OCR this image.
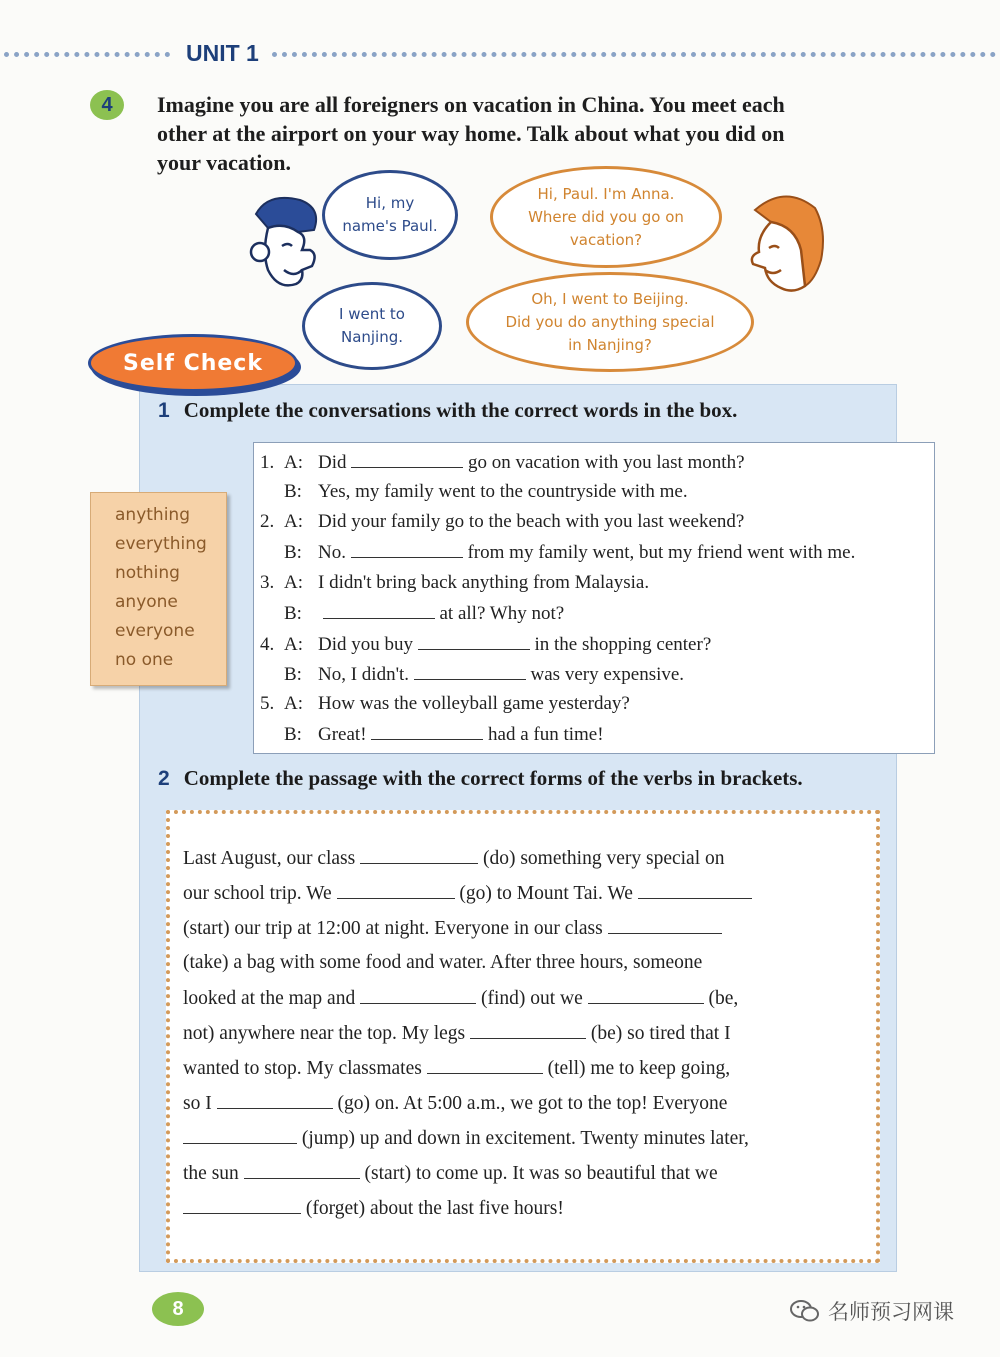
UNIT 1
4	Imagine you are all foreigners on vacation in China. You meet each
other at the airport on your way home. Talk about what you did on
your vacation.
Hi, my
name's Paul.
Hi, Paul. I'm Anna.
Where did you go on
vacation?
I went to
Nanjing.
Oh, I went to Beijing.
Did you do anything special
in Nanjing?
Self Check
1 Complete the conversations with the correct words in the box.
anything
everything
nothing
anyone
everyone
no one
1. A: Did	go on vacation with you last month?
B: Yes, my family went to the countryside with me.
2. A: Did your family go to the beach with you last weekend?
B: No.	from my family went, but my friend went with me.
3. A: I didn't bring back anything from Malaysia.
B:	at all? Why not?
4. A: Did you buy	in the shopping center?
B: No, I didn't.	was very expensive.
5. A: How was the volleyball game yesterday?
B: Great!	had a fun time!
2 Complete the passage with the correct forms of the verbs in brackets.
Last August, our class	(do) something very special on
our school trip. We	(go) to Mount Tai. We
(start) our trip at 12:00 at night. Everyone in our class
(take) a bag with some food and water. After three hours, someone
looked at the map and	(find) out we	(be,
not) anywhere near the top. My legs	(be) so tired that I
wanted to stop. My classmates	(tell) me to keep going,
so I	(go) on. At 5:00 a.m., we got to the top! Everyone
(jump) up and down in excitement. Twenty minutes later,
the sun	(start) to come up. It was so beautiful that we
(forget) about the last five hours!
8	名师预习网课
